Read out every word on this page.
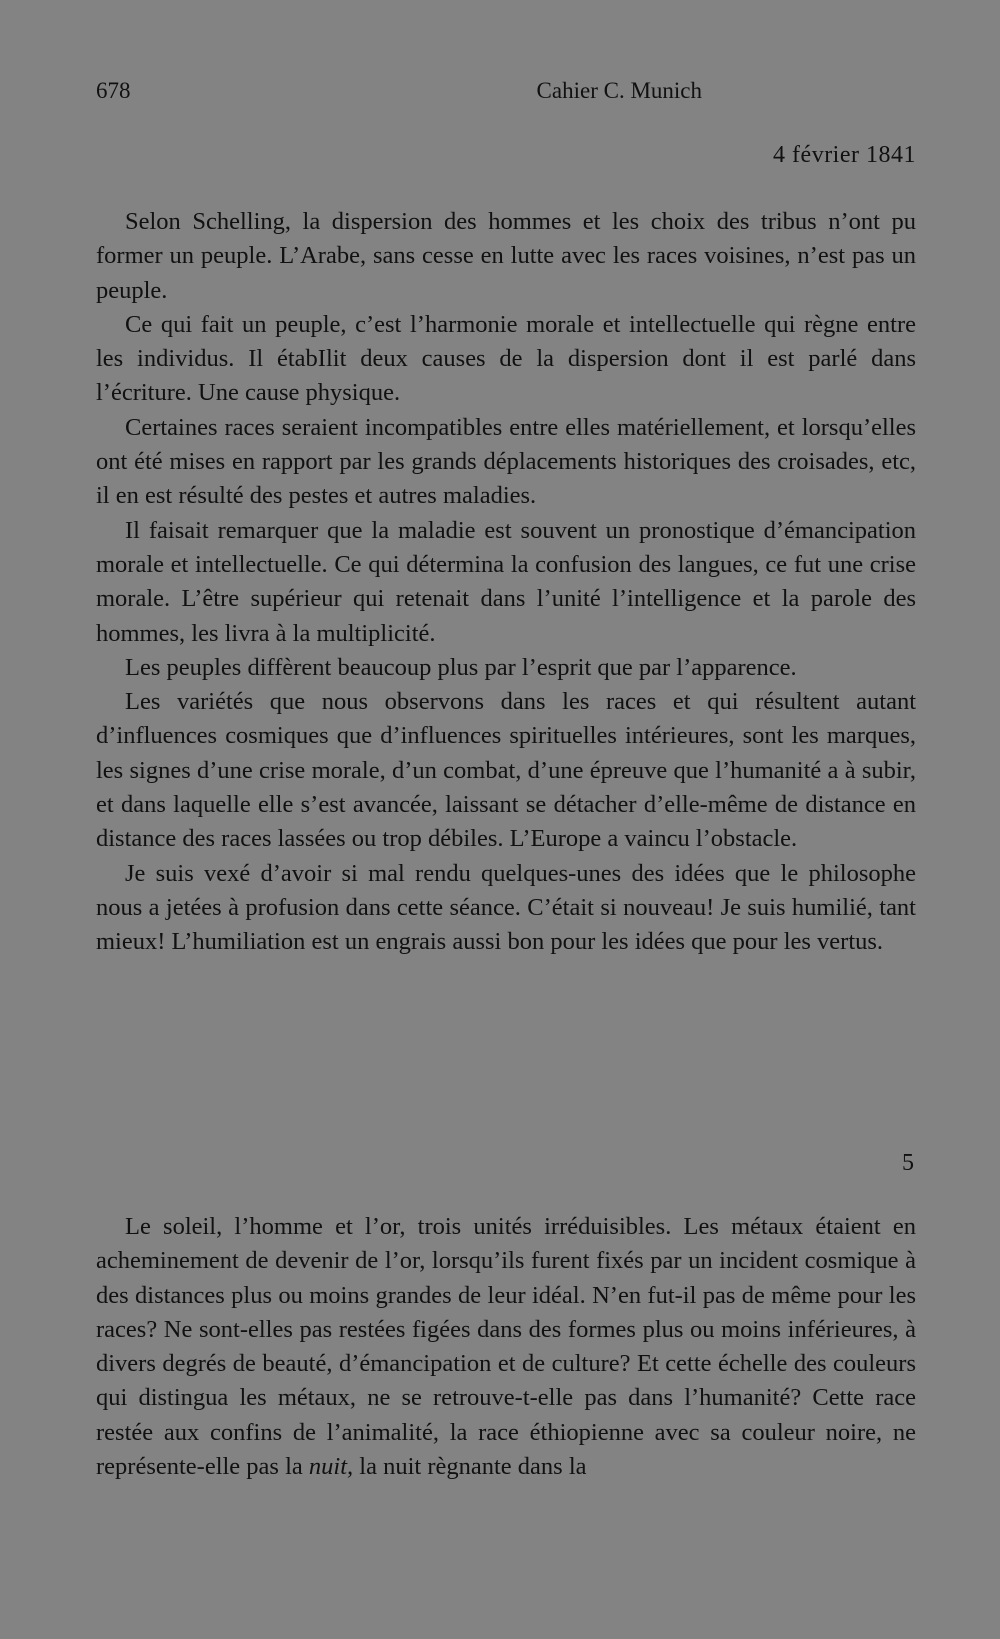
678	Cahier C. Munich
4 février 1841

Selon Schelling, la dispersion des hommes et les choix des tribus n’ont pu former un peuple. L’Arabe, sans cesse en lutte avec les races voisines, n’est pas un peuple.

Ce qui fait un peuple, c’est l’harmonie morale et intellectuelle qui règne entre les individus. Il étabIlit deux causes de la dispersion dont il est parlé dans l’écriture. Une cause physique.

Certaines races seraient incompatibles entre elles matériellement, et lorsqu’elles ont été mises en rapport par les grands déplacements historiques des croisades, etc, il en est résulté des pestes et autres maladies.

Il faisait remarquer que la maladie est souvent un pronostique d’émancipation morale et intellectuelle. Ce qui détermina la confusion des langues, ce fut une crise morale. L’être supérieur qui retenait dans l’unité l’intelligence et la parole des hommes, les livra à la multiplicité.

Les peuples diffèrent beaucoup plus par l’esprit que par l’apparence.

Les variétés que nous observons dans les races et qui résultent autant d’influences cosmiques que d’influences spirituelles intérieures, sont les marques, les signes d’une crise morale, d’un combat, d’une épreuve que l’humanité a à subir, et dans laquelle elle s’est avancée, laissant se détacher d’elle-même de distance en distance des races lassées ou trop débiles. L’Europe a vaincu l’obstacle.

Je suis vexé d’avoir si mal rendu quelques-unes des idées que le philosophe nous a jetées à profusion dans cette séance. C’était si nouveau! Je suis humilié, tant mieux! L’humiliation est un engrais aussi bon pour les idées que pour les vertus.

5

Le soleil, l’homme et l’or, trois unités irréduisibles. Les métaux étaient en acheminement de devenir de l’or, lorsqu’ils furent fixés par un incident cosmique à des distances plus ou moins grandes de leur idéal. N’en fut-il pas de même pour les races? Ne sont-elles pas restées figées dans des formes plus ou moins inférieures, à divers degrés de beauté, d’émancipation et de culture? Et cette échelle des couleurs qui distingua les métaux, ne se retrouve-t-elle pas dans l’humanité? Cette race restée aux confins de l’animalité, la race éthiopienne avec sa couleur noire, ne représente-elle pas la nuit, la nuit règnante dans la
